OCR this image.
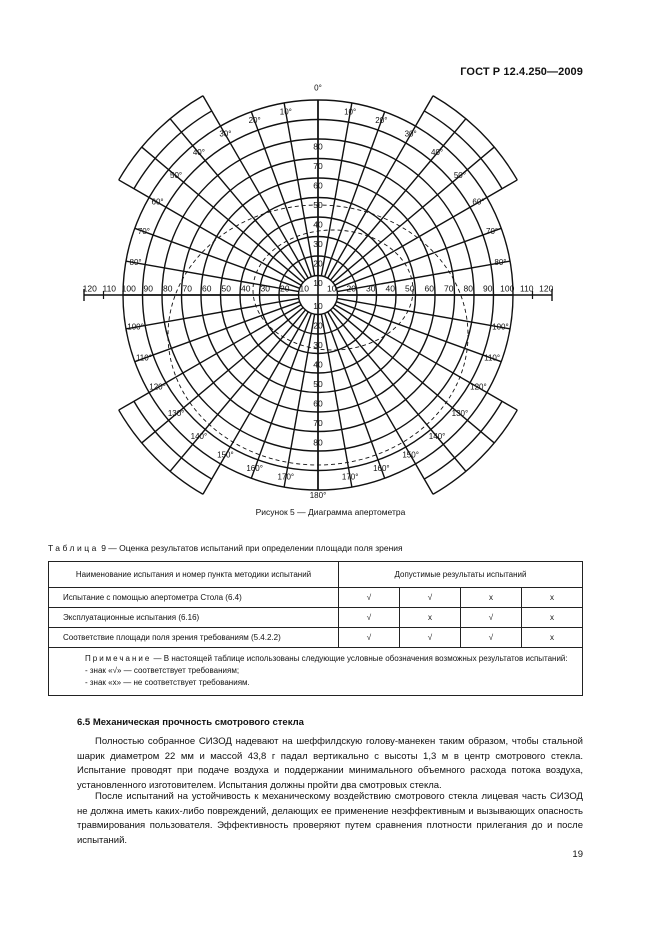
ГОСТ Р 12.4.250—2009
10 10
10
10
20	20
20
20
30	30
30
30
40	40
40
40
50	50
50
50
60	60
60
60
70	70
70
70
80	80
80
80
90	90
100	100
110	110
120	120
0°
10°
20°
30°
40°
50°
60°
70°
80°
10°
20°
30°
40°
50°
60°
70°
80°
100°
110°
120°
130°
140°
150°
160°
170°
180°
100°
110°
120°
130°
140°
150°
160°
170°
Рисунок 5 — Диаграмма апертометра
Таблица 9 — Оценка результатов испытаний при определении площади поля зрения
Наименование испытания и номер пункта методики испытаний	Допустимые результаты испытаний			
Испытание с помощью апертометра Стола (6.4)	√	√	x	x
Эксплуатационные испытания (6.16)	√	x	√	x
Соответствие площади поля зрения требованиям (5.4.2.2)	√	√	√	x

Примечание — В настоящей таблице использованы следующие условные обозначения возможных результатов испытаний:
- знак «√» — соответствует требованиям;
- знак «x» — не соответствует требованиям.				
6.5 Механическая прочность смотрового стекла
Полностью собранное СИЗОД надевают на шеффилдскую голову-манекен таким образом, чтобы стальной шарик диаметром 22 мм и массой 43,8 г падал вертикально с высоты 1,3 м в центр смотрового стекла. Испытание проводят при подаче воздуха и поддержании минимального объемного расхода потока воздуха, установленного изготовителем. Испытания должны пройти два смотровых стекла.
После испытаний на устойчивость к механическому воздействию смотрового стекла лицевая часть СИЗОД не должна иметь каких-либо повреждений, делающих ее применение неэффективным и вызывающих опасность травмирования пользователя. Эффективность проверяют путем сравнения плотности прилегания до и после испытаний.
19
